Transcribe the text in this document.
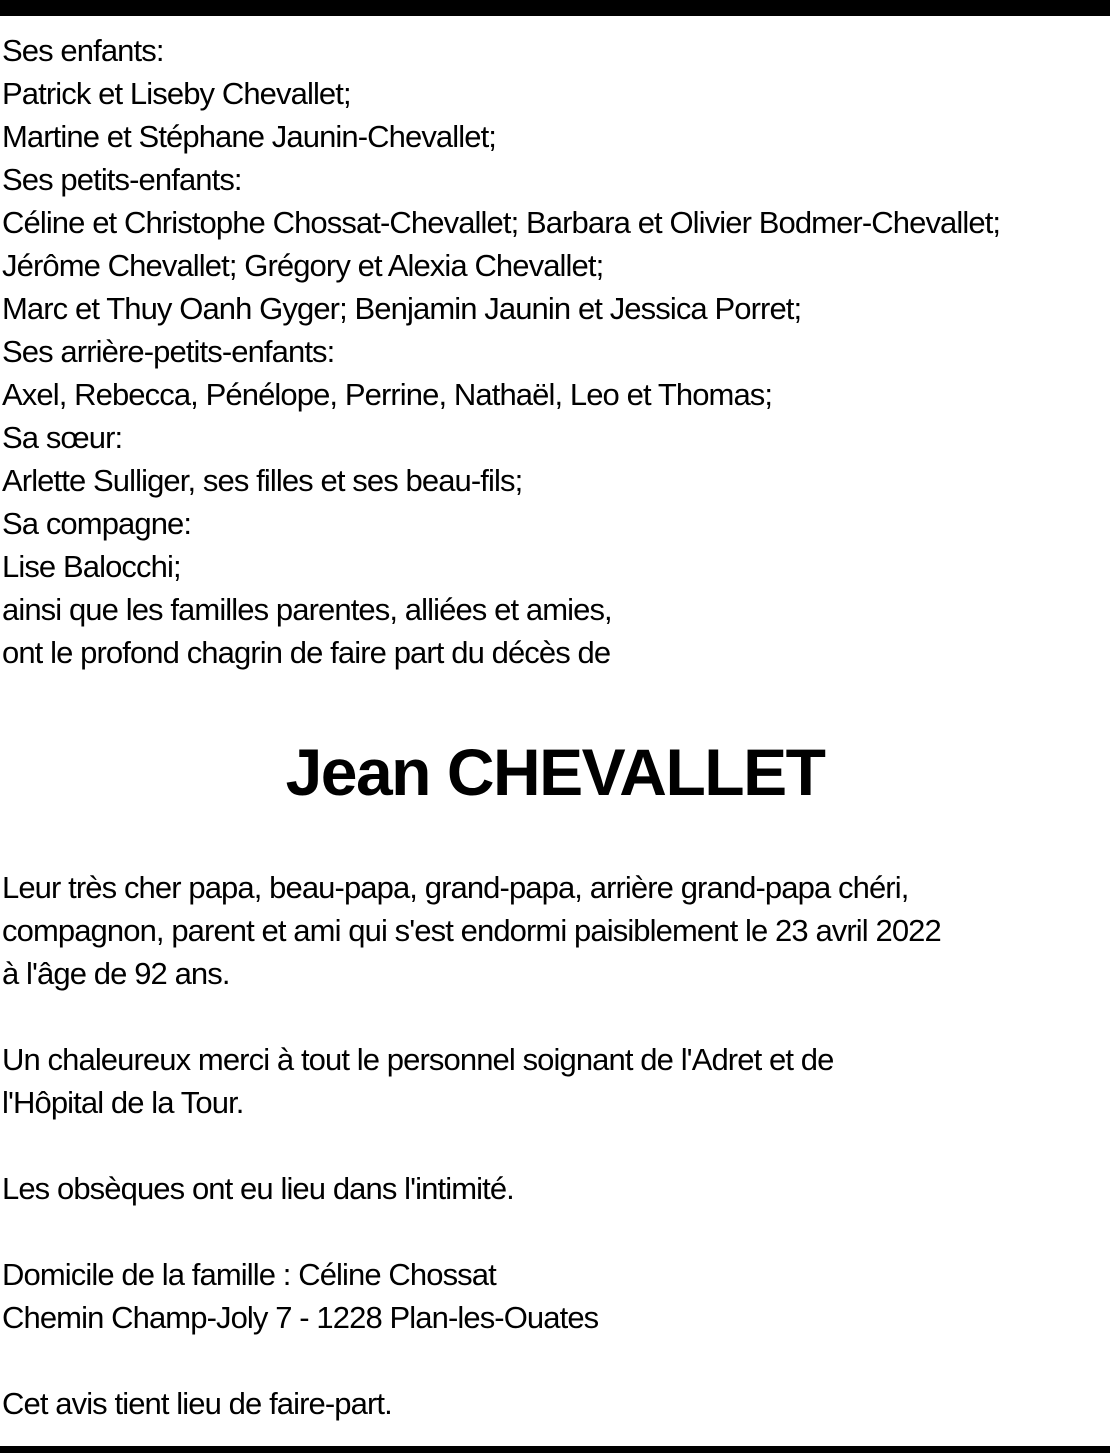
Ses enfants:
Patrick et Liseby Chevallet;
Martine et Stéphane Jaunin-Chevallet;
Ses petits-enfants:
Céline et Christophe Chossat-Chevallet; Barbara et Olivier Bodmer-Chevallet;
Jérôme Chevallet; Grégory et Alexia Chevallet;
Marc et Thuy Oanh Gyger; Benjamin Jaunin et Jessica Porret;
Ses arrière-petits-enfants:
Axel, Rebecca, Pénélope, Perrine, Nathaël, Leo et Thomas;
Sa sœur:
Arlette Sulliger, ses filles et ses beau-fils;
Sa compagne:
Lise Balocchi;
ainsi que les familles parentes, alliées et amies,
ont le profond chagrin de faire part du décès de
Jean CHEVALLET
Leur très cher papa, beau-papa, grand-papa, arrière grand-papa chéri,
compagnon, parent et ami qui s'est endormi paisiblement le 23 avril 2022
à l'âge de 92 ans.
Un chaleureux merci à tout le personnel soignant de l'Adret et de
l'Hôpital de la Tour.
Les obsèques ont eu lieu dans l'intimité.
Domicile de la famille : Céline Chossat
Chemin Champ-Joly 7 - 1228 Plan-les-Ouates
Cet avis tient lieu de faire-part.
